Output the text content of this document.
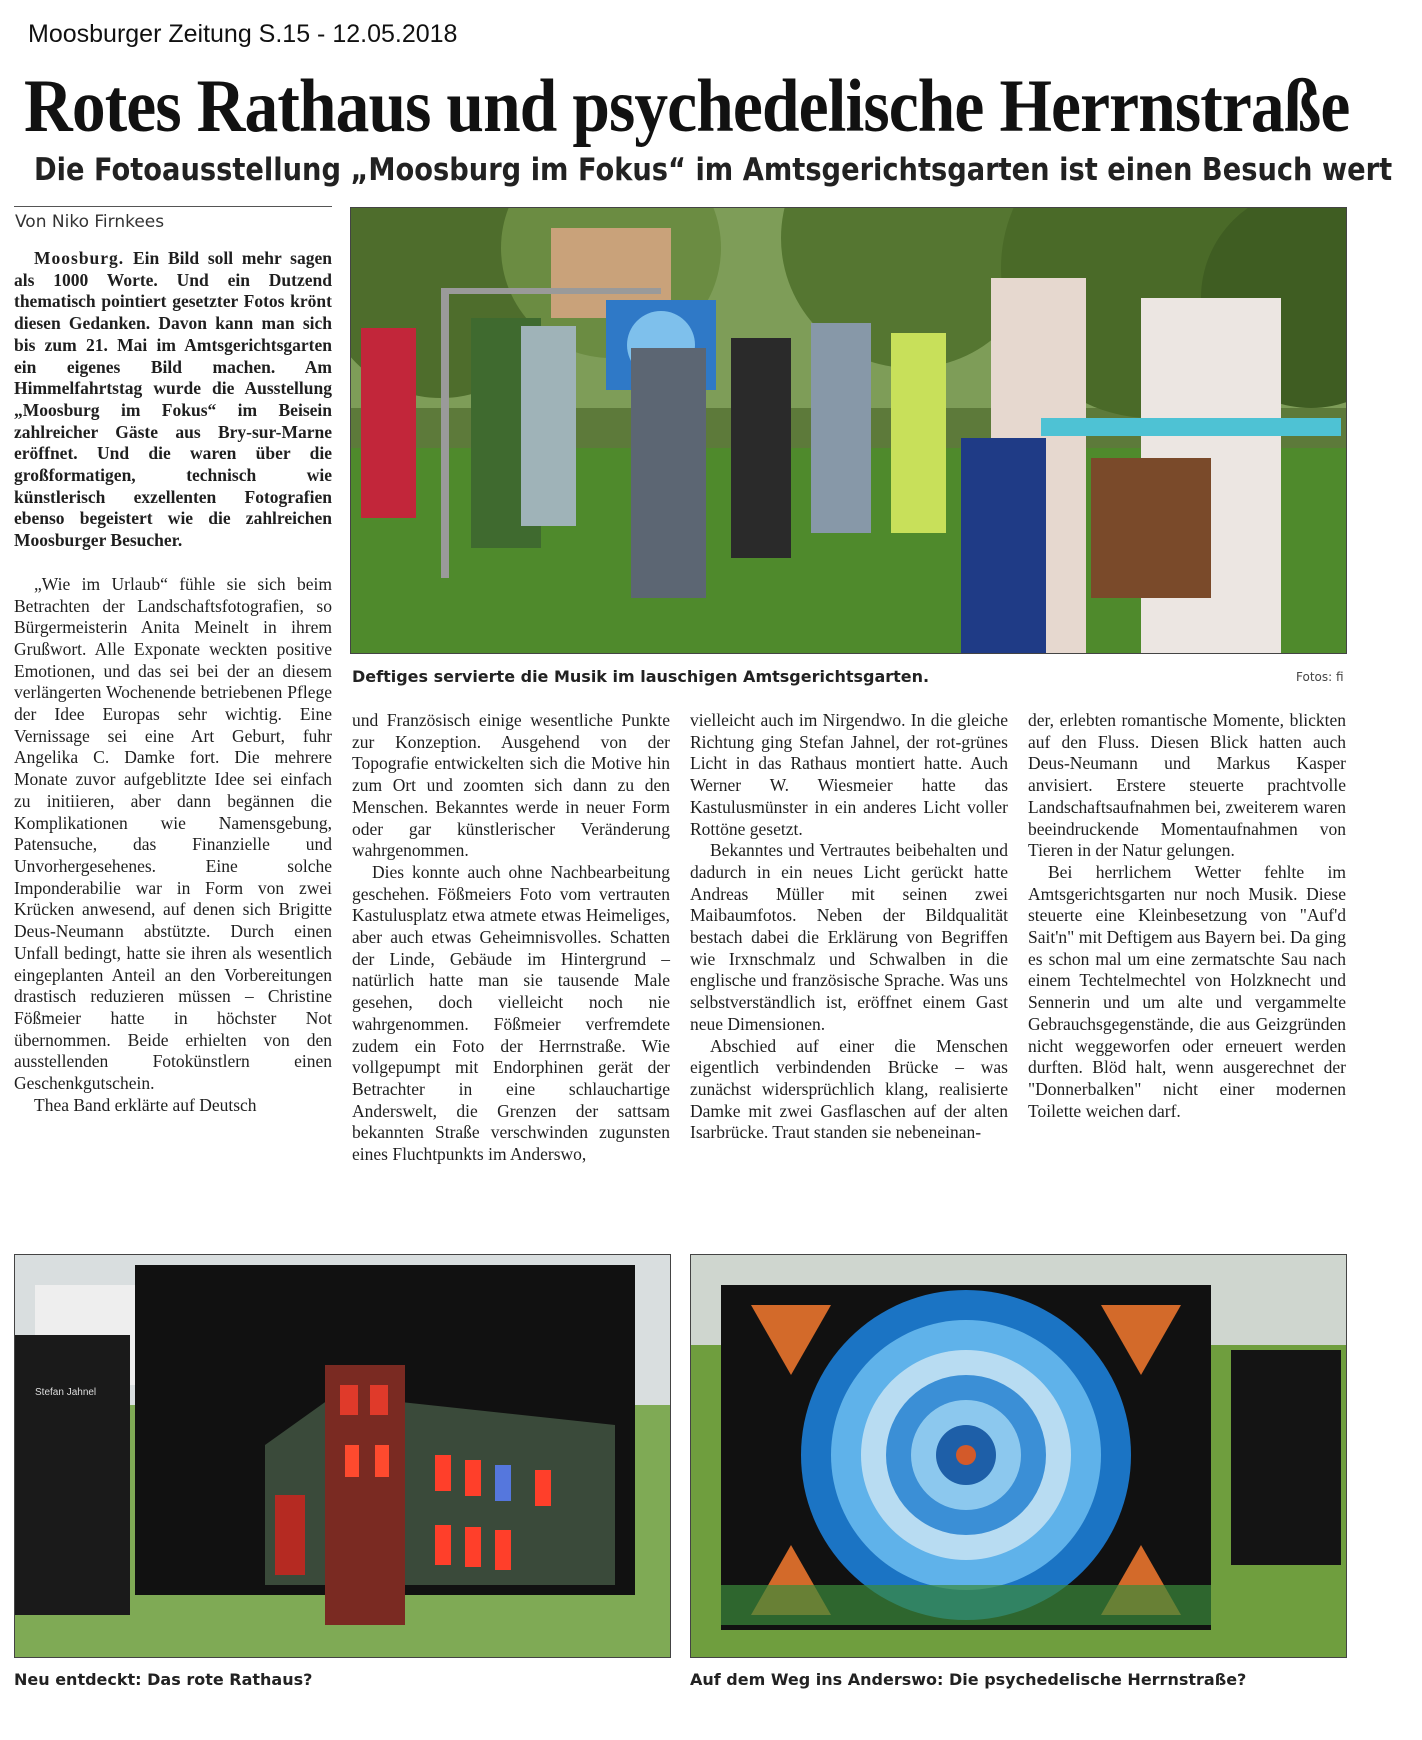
Moosburger Zeitung S.15 - 12.05.2018
Rotes Rathaus und psychedelische Herrnstraße
Die Fotoausstellung „Moosburg im Fokus“ im Amtsgerichtsgarten ist einen Besuch wert
Von Niko Firnkees

Moosburg. Ein Bild soll mehr sagen als 1000 Worte. Und ein Dutzend thematisch pointiert gesetzter Fotos krönt diesen Gedanken. Davon kann man sich bis zum 21. Mai im Amtsgerichtsgarten ein eigenes Bild machen. Am Himmelfahrtstag wurde die Ausstellung „Moosburg im Fokus“ im Beisein zahlreicher Gäste aus Bry-sur-Marne eröffnet. Und die waren über die großformatigen, technisch wie künstlerisch exzellenten Fotografien ebenso begeistert wie die zahlreichen Moosburger Besucher.

„Wie im Urlaub“ fühle sie sich beim Betrachten der Landschaftsfotografien, so Bürgermeisterin Anita Meinelt in ihrem Grußwort. Alle Exponate weckten positive Emotionen, und das sei bei der an diesem verlängerten Wochenende betriebenen Pflege der Idee Europas sehr wichtig. Eine Vernissage sei eine Art Geburt, fuhr Angelika C. Damke fort. Die mehrere Monate zuvor aufgeblitzte Idee sei einfach zu initiieren, aber dann begännen die Komplikationen wie Namensgebung, Patensuche, das Finanzielle und Unvorhergesehenes. Eine solche Imponderabilie war in Form von zwei Krücken anwesend, auf denen sich Brigitte Deus-Neumann abstützte. Durch einen Unfall bedingt, hatte sie ihren als wesentlich eingeplanten Anteil an den Vorbereitungen drastisch reduzieren müssen – Christine Fößmeier hatte in höchster Not übernommen. Beide erhielten von den ausstellenden Fotokünstlern einen Geschenkgutschein.

Thea Band erklärte auf Deutsch

Deftiges servierte die Musik im lauschigen Amtsgerichtsgarten.	Fotos: fi

und Französisch einige wesentliche Punkte zur Konzeption. Ausgehend von der Topografie entwickelten sich die Motive hin zum Ort und zoomten sich dann zu den Menschen. Bekanntes werde in neuer Form oder gar künstlerischer Veränderung wahrgenommen.

Dies konnte auch ohne Nachbearbeitung geschehen. Fößmeiers Foto vom vertrauten Kastulusplatz etwa atmete etwas Heimeliges, aber auch etwas Geheimnisvolles. Schatten der Linde, Gebäude im Hintergrund – natürlich hatte man sie tausende Male gesehen, doch vielleicht noch nie wahrgenommen. Fößmeier verfremdete zudem ein Foto der Herrnstraße. Wie vollgepumpt mit Endorphinen gerät der Betrachter in eine schlauchartige Anderswelt, die Grenzen der sattsam bekannten Straße verschwinden zugunsten eines Fluchtpunkts im Anderswo,

vielleicht auch im Nirgendwo. In die gleiche Richtung ging Stefan Jahnel, der rot-grünes Licht in das Rathaus montiert hatte. Auch Werner W. Wiesmeier hatte das Kastulusmünster in ein anderes Licht voller Rottöne gesetzt.

Bekanntes und Vertrautes beibehalten und dadurch in ein neues Licht gerückt hatte Andreas Müller mit seinen zwei Maibaumfotos. Neben der Bildqualität bestach dabei die Erklärung von Begriffen wie Irxnschmalz und Schwalben in die englische und französische Sprache. Was uns selbstverständlich ist, eröffnet einem Gast neue Dimensionen.

Abschied auf einer die Menschen eigentlich verbindenden Brücke – was zunächst widersprüchlich klang, realisierte Damke mit zwei Gasflaschen auf der alten Isarbrücke. Traut standen sie nebeneinan-

der, erlebten romantische Momente, blickten auf den Fluss. Diesen Blick hatten auch Deus-Neumann und Markus Kasper anvisiert. Erstere steuerte prachtvolle Landschaftsaufnahmen bei, zweiterem waren beeindruckende Momentaufnahmen von Tieren in der Natur gelungen.

Bei herrlichem Wetter fehlte im Amtsgerichtsgarten nur noch Musik. Diese steuerte eine Kleinbesetzung von "Auf'd Sait'n" mit Deftigem aus Bayern bei. Da ging es schon mal um eine zermatschte Sau nach einem Techtelmechtel von Holzknecht und Sennerin und um alte und vergammelte Gebrauchsgegenstände, die aus Geizgründen nicht weggeworfen oder erneuert werden durften. Blöd halt, wenn ausgerechnet der "Donnerbalken" nicht einer modernen Toilette weichen darf.

Stefan Jahnel
Neu entdeckt: Das rote Rathaus?	Auf dem Weg ins Anderswo: Die psychedelische Herrnstraße?
